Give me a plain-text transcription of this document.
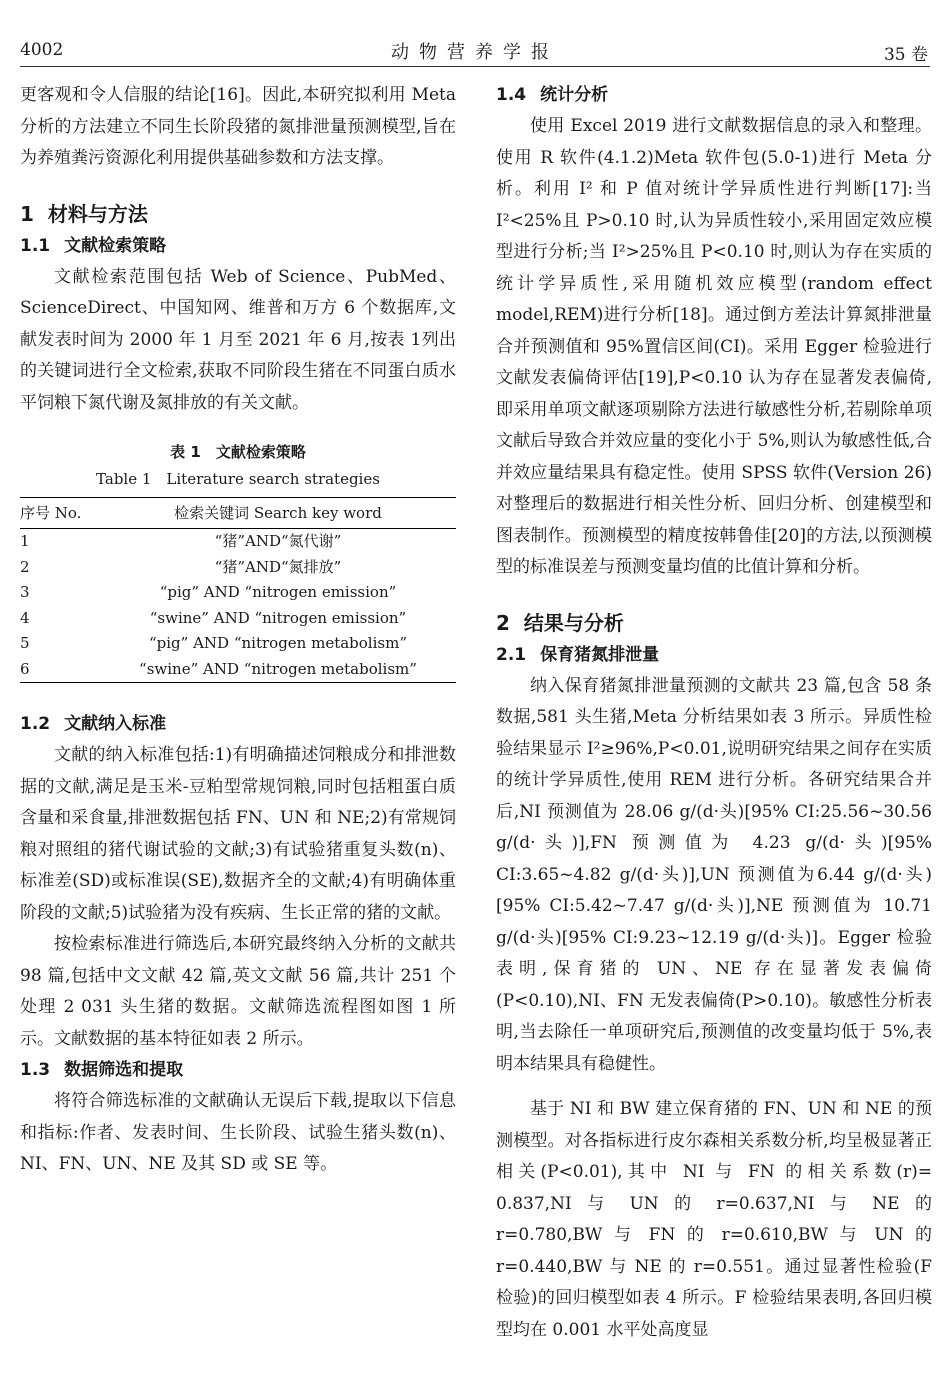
4002	动物营养学报	35 卷

更客观和令人信服的结论[16]。因此,本研究拟利用 Meta 分析的方法建立不同生长阶段猪的氮排泄量预测模型,旨在为养殖粪污资源化利用提供基础参数和方法支撑。

1 材料与方法
1.1 文献检索策略

文献检索范围包括 Web of Science、PubMed、ScienceDirect、中国知网、维普和万方 6 个数据库,文献发表时间为 2000 年 1 月至 2021 年 6 月,按表 1列出的关键词进行全文检索,获取不同阶段生猪在不同蛋白质水平饲粮下氮代谢及氮排放的有关文献。

表 1　文献检索策略
Table 1　Literature search strategies
序号 No.	检索关键词 Search key word
1	“猪”AND“氮代谢”
2	“猪”AND“氮排放”
3	“pig” AND “nitrogen emission”
4	“swine” AND “nitrogen emission”
5	“pig” AND “nitrogen metabolism”
6	“swine” AND “nitrogen metabolism”
1.2 文献纳入标准

文献的纳入标准包括:1)有明确描述饲粮成分和排泄数据的文献,满足是玉米-豆粕型常规饲粮,同时包括粗蛋白质含量和采食量,排泄数据包括 FN、UN 和 NE;2)有常规饲粮对照组的猪代谢试验的文献;3)有试验猪重复头数(n)、标准差(SD)或标准误(SE),数据齐全的文献;4)有明确体重阶段的文献;5)试验猪为没有疾病、生长正常的猪的文献。

按检索标准进行筛选后,本研究最终纳入分析的文献共 98 篇,包括中文文献 42 篇,英文文献 56 篇,共计 251 个处理 2 031 头生猪的数据。文献筛选流程图如图 1 所示。文献数据的基本特征如表 2 所示。

1.3 数据筛选和提取

将符合筛选标准的文献确认无误后下载,提取以下信息和指标:作者、发表时间、生长阶段、试验生猪头数(n)、NI、FN、UN、NE 及其 SD 或 SE 等。

1.4 统计分析

使用 Excel 2019 进行文献数据信息的录入和整理。使用 R 软件(4.1.2)Meta 软件包(5.0-1)进行 Meta 分析。利用 I² 和 P 值对统计学异质性进行判断[17]:当 I²<25%且 P>0.10 时,认为异质性较小,采用固定效应模型进行分析;当 I²>25%且 P<0.10 时,则认为存在实质的统计学异质性,采用随机效应模型(random effect model,REM)进行分析[18]。通过倒方差法计算氮排泄量合并预测值和 95%置信区间(CI)。采用 Egger 检验进行文献发表偏倚评估[19],P<0.10 认为存在显著发表偏倚,即采用单项文献逐项剔除方法进行敏感性分析,若剔除单项文献后导致合并效应量的变化小于 5%,则认为敏感性低,合并效应量结果具有稳定性。使用 SPSS 软件(Version 26)对整理后的数据进行相关性分析、回归分析、创建模型和图表制作。预测模型的精度按韩鲁佳[20]的方法,以预测模型的标准误差与预测变量均值的比值计算和分析。

2 结果与分析
2.1 保育猪氮排泄量

纳入保育猪氮排泄量预测的文献共 23 篇,包含 58 条数据,581 头生猪,Meta 分析结果如表 3 所示。异质性检验结果显示 I²≥96%,P<0.01,说明研究结果之间存在实质的统计学异质性,使用 REM 进行分析。各研究结果合并后,NI 预测值为 28.06 g/(d·头)[95% CI:25.56~30.56 g/(d·头)],FN 预测值为 4.23 g/(d·头)[95% CI:3.65~4.82 g/(d·头)],UN 预测值为6.44 g/(d·头)[95% CI:5.42~7.47 g/(d·头)],NE 预测值为 10.71 g/(d·头)[95% CI:9.23~12.19 g/(d·头)]。Egger 检验表明,保育猪的 UN、NE 存在显著发表偏倚(P<0.10),NI、FN 无发表偏倚(P>0.10)。敏感性分析表明,当去除任一单项研究后,预测值的改变量均低于 5%,表明本结果具有稳健性。

基于 NI 和 BW 建立保育猪的 FN、UN 和 NE 的预测模型。对各指标进行皮尔森相关系数分析,均呈极显著正相关(P<0.01),其中 NI 与 FN 的相关系数(r)= 0.837,NI 与 UN 的 r=0.637,NI 与 NE 的 r=0.780,BW 与 FN 的 r=0.610,BW 与 UN 的 r=0.440,BW 与 NE 的 r=0.551。通过显著性检验(F 检验)的回归模型如表 4 所示。F 检验结果表明,各回归模型均在 0.001 水平处高度显
